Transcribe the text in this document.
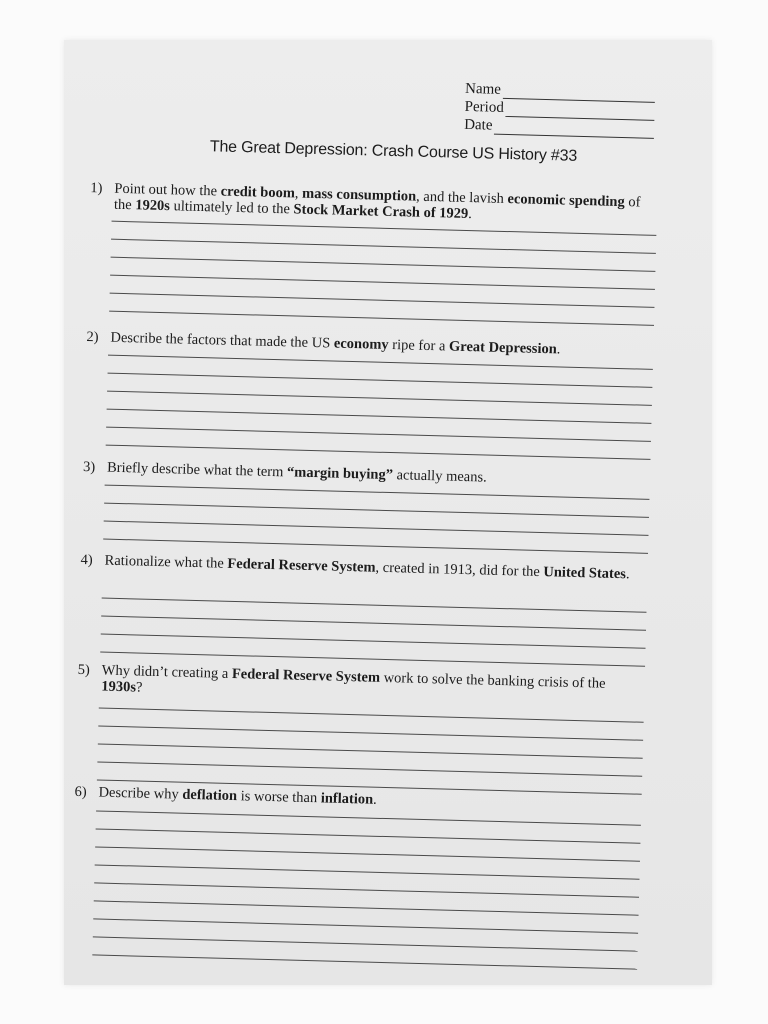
Name
Period
Date
The Great Depression: Crash Course US History #33
1) Point out how the credit boom, mass consumption, and the lavish economic spending of the 1920s ultimately led to the Stock Market Crash of 1929.
2) Describe the factors that made the US economy ripe for a Great Depression.
3) Briefly describe what the term “margin buying” actually means.
4) Rationalize what the Federal Reserve System, created in 1913, did for the United States.
5) Why didn’t creating a Federal Reserve System work to solve the banking crisis of the 1930s?
6) Describe why deflation is worse than inflation.
